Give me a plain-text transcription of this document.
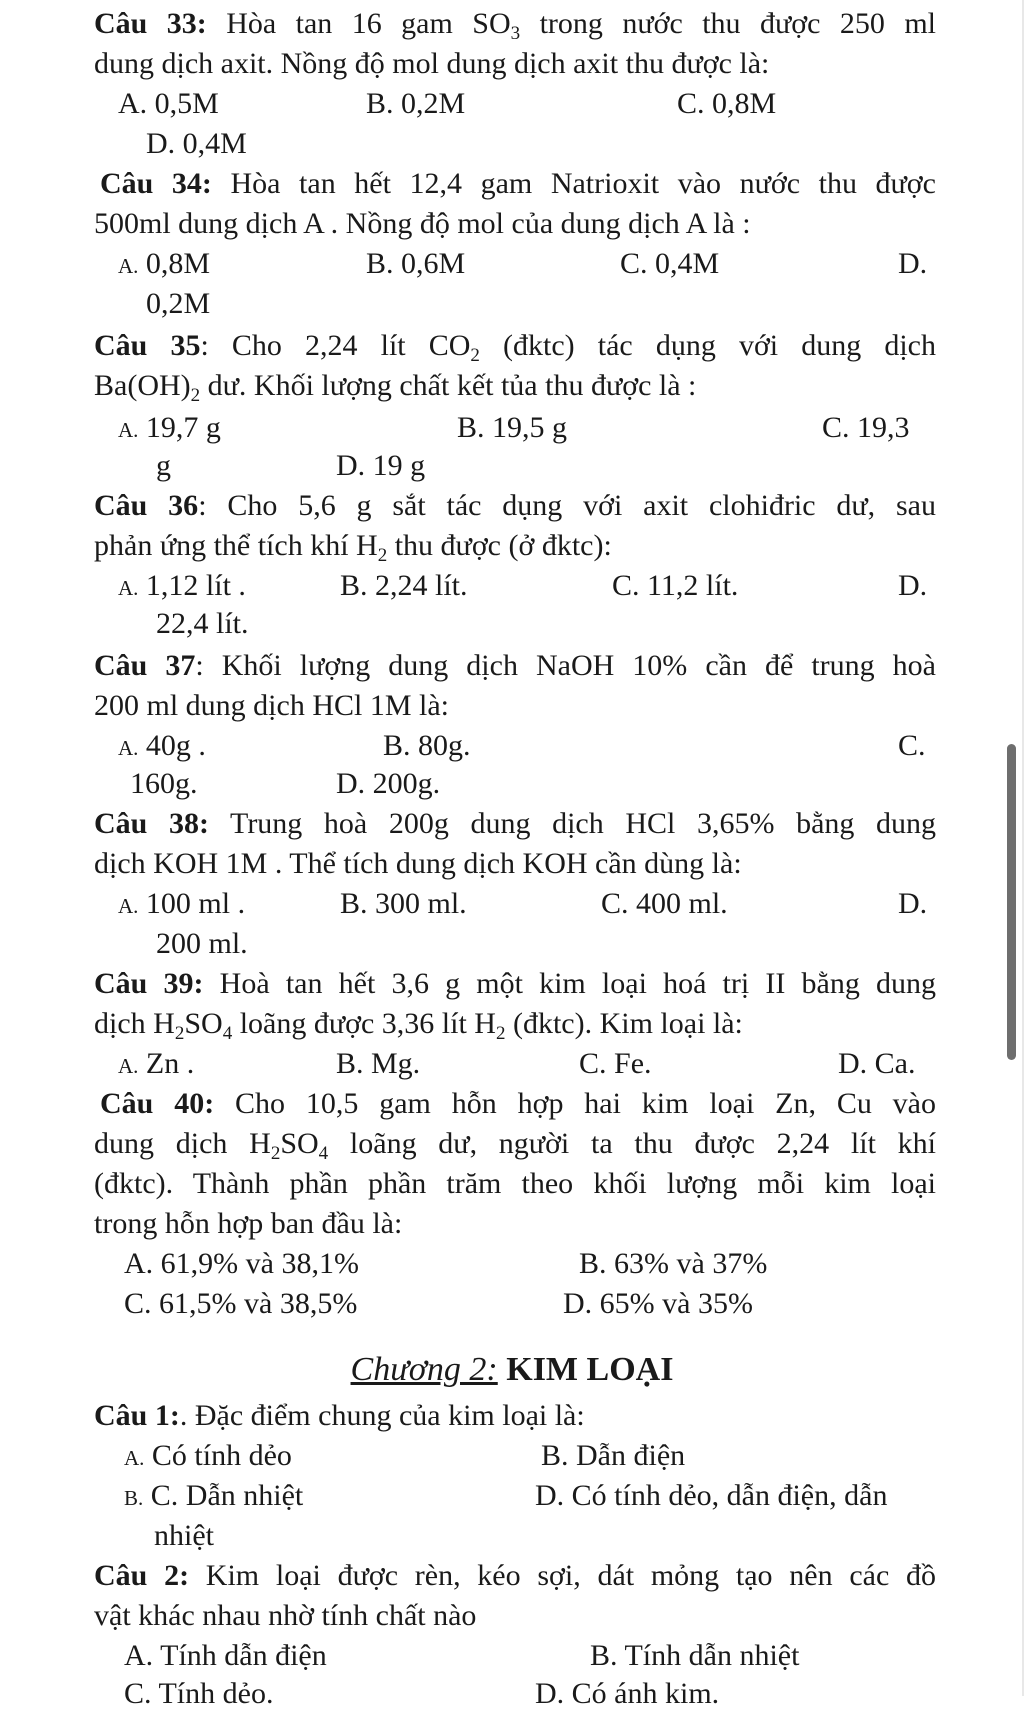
Câu 33: Hòa tan 16 gam $SO_3$ trong nước thu được 250 ml
dung dịch axit. Nồng độ mol dung dịch axit thu được là:
A. 0,5M	B. 0,2M	C. 0,8M
D. 0,4M
Câu 34: Hòa tan hết 12,4 gam Natrioxit vào nước thu được
500ml dung dịch A . Nồng độ mol của dung dịch A là :
A. 0,8M	B. 0,6M	C. 0,4M	D.
0,2M
Câu 35: Cho 2,24 lít $CO_2$ (đktc) tác dụng với dung dịch
$Ba(OH)_2$ dư. Khối lượng chất kết tủa thu được là :
A. 19,7 g	B. 19,5 g	C. 19,3
g	D. 19 g
Câu 36: Cho 5,6 g sắt tác dụng với axit clohiđric dư, sau
phản ứng thể tích khí $H_2$ thu được (ở đktc):
A. 1,12 lít .	B. 2,24 lít.	C. 11,2 lít.	D.
22,4 lít.
Câu 37: Khối lượng dung dịch NaOH 10% cần để trung hoà
200 ml dung dịch HCl 1M là:
A. 40g .	B. 80g.	C.
160g.	D. 200g.
Câu 38: Trung hoà 200g dung dịch HCl 3,65% bằng dung
dịch KOH 1M . Thể tích dung dịch KOH cần dùng là:
A. 100 ml .	B. 300 ml.	C. 400 ml.	D.
200 ml.
Câu 39: Hoà tan hết 3,6 g một kim loại hoá trị II bằng dung
dịch $H_2SO_4$ loãng được 3,36 lít $H_2$ (đktc). Kim loại là:
A. Zn .	B. Mg.	C. Fe.	D. Ca.
Câu 40: Cho 10,5 gam hỗn hợp hai kim loại Zn, Cu vào
dung dịch $H_2SO_4$ loãng dư, người ta thu được 2,24 lít khí
(đktc). Thành phần phần trăm theo khối lượng mỗi kim loại
trong hỗn hợp ban đầu là:
A. 61,9% và 38,1%	B. 63% và 37%
C. 61,5% và 38,5%	D. 65% và 35%
Chương 2: KIM LOẠI
Câu 1:. Đặc điểm chung của kim loại là:
A. Có tính dẻo	B. Dẫn điện
B. C. Dẫn nhiệt	D. Có tính dẻo, dẫn điện, dẫn
nhiệt
Câu 2: Kim loại được rèn, kéo sợi, dát mỏng tạo nên các đồ
vật khác nhau nhờ tính chất nào
A. Tính dẫn điện	B. Tính dẫn nhiệt
C. Tính dẻo.	D. Có ánh kim.
